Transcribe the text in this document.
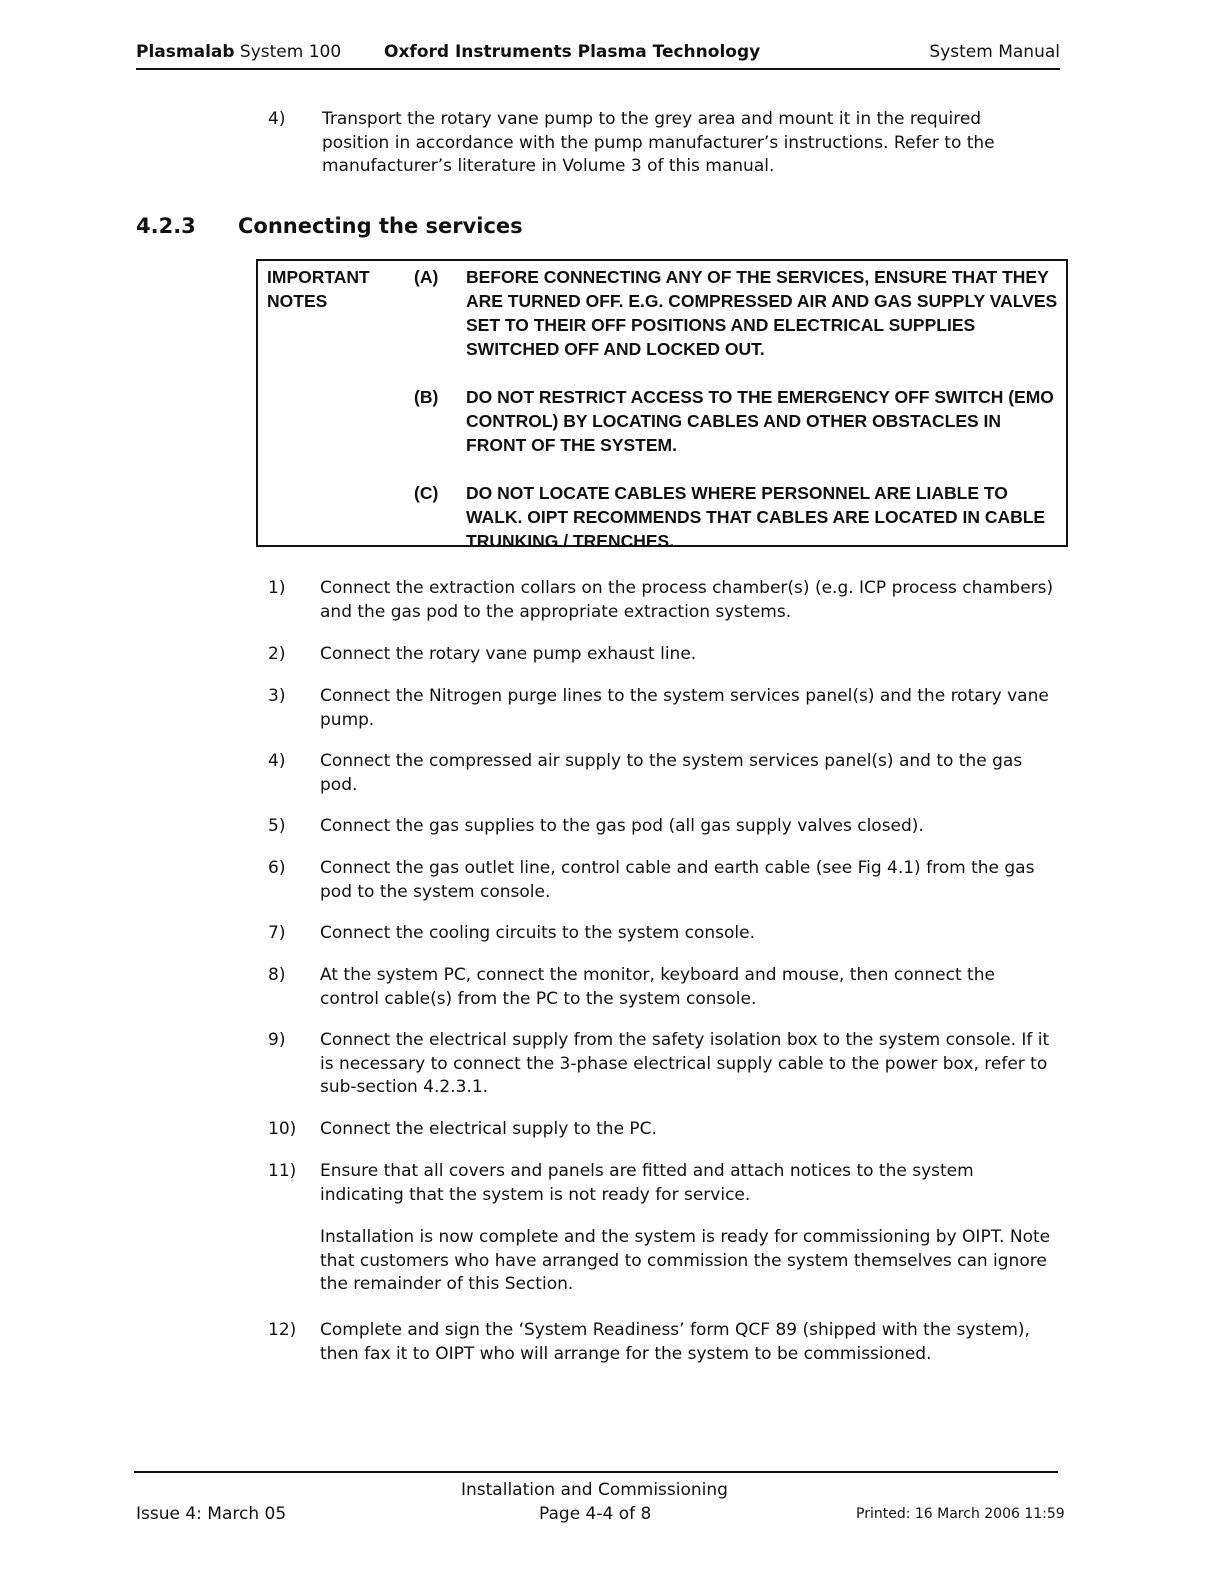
Plasmalab System 100	Oxford Instruments Plasma Technology	System Manual
4) Transport the rotary vane pump to the grey area and mount it in the required position in accordance with the pump manufacturer’s instructions. Refer to the manufacturer’s literature in Volume 3 of this manual.
4.2.3 Connecting the services
IMPORTANT
NOTES
(A) BEFORE CONNECTING ANY OF THE SERVICES, ENSURE THAT THEY ARE TURNED OFF. E.G. COMPRESSED AIR AND GAS SUPPLY VALVES SET TO THEIR OFF POSITIONS AND ELECTRICAL SUPPLIES SWITCHED OFF AND LOCKED OUT.
(B) DO NOT RESTRICT ACCESS TO THE EMERGENCY OFF SWITCH (EMO CONTROL) BY LOCATING CABLES AND OTHER OBSTACLES IN FRONT OF THE SYSTEM.
(C) DO NOT LOCATE CABLES WHERE PERSONNEL ARE LIABLE TO WALK. OIPT RECOMMENDS THAT CABLES ARE LOCATED IN CABLE TRUNKING / TRENCHES.
1) Connect the extraction collars on the process chamber(s) (e.g. ICP process chambers) and the gas pod to the appropriate extraction systems.
2) Connect the rotary vane pump exhaust line.
3) Connect the Nitrogen purge lines to the system services panel(s) and the rotary vane pump.
4) Connect the compressed air supply to the system services panel(s) and to the gas pod.
5) Connect the gas supplies to the gas pod (all gas supply valves closed).
6) Connect the gas outlet line, control cable and earth cable (see Fig 4.1) from the gas pod to the system console.
7) Connect the cooling circuits to the system console.
8) At the system PC, connect the monitor, keyboard and mouse, then connect the control cable(s) from the PC to the system console.
9) Connect the electrical supply from the safety isolation box to the system console. If it is necessary to connect the 3-phase electrical supply cable to the power box, refer to sub-section 4.2.3.1.
10) Connect the electrical supply to the PC.
11) Ensure that all covers and panels are fitted and attach notices to the system indicating that the system is not ready for service.
Installation is now complete and the system is ready for commissioning by OIPT. Note that customers who have arranged to commission the system themselves can ignore the remainder of this Section.
12) Complete and sign the ‘System Readiness’ form QCF 89 (shipped with the system), then fax it to OIPT who will arrange for the system to be commissioned.
Issue 4: March 05
Installation and Commissioning
Page 4-4 of 8	Printed: 16 March 2006 11:59
